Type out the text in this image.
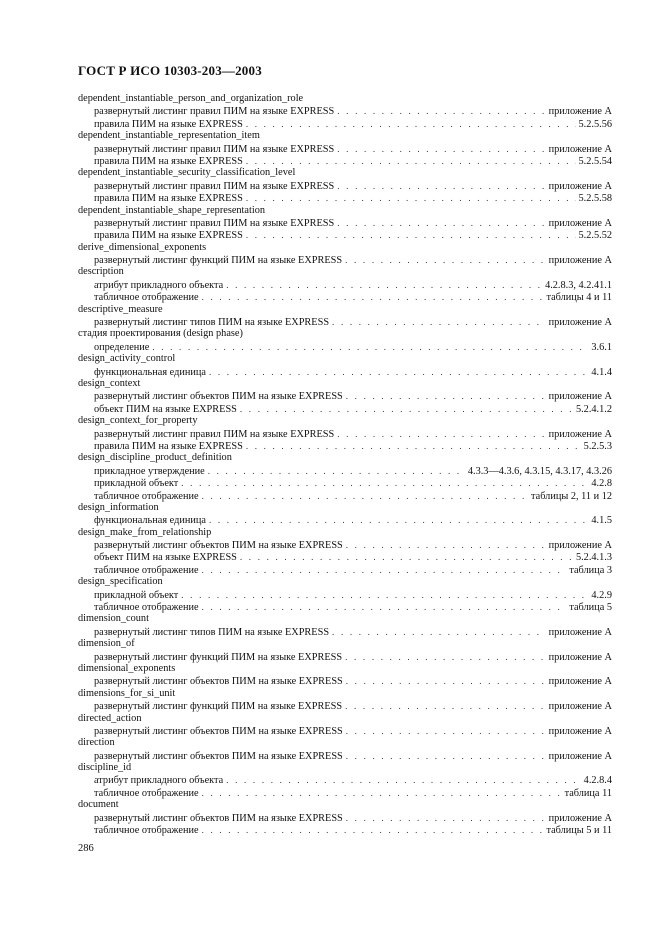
ГОСТ Р ИСО 10303-203—2003
dependent_instantiable_person_and_organization_role
развернутый листинг правил ПИМ на языке EXPRESS . . .	приложение А
правила ПИМ на языке EXPRESS . . .	5.2.5.56
dependent_instantiable_representation_item
развернутый листинг правил ПИМ на языке EXPRESS . . .	приложение А
правила ПИМ на языке EXPRESS . . .	5.2.5.54
dependent_instantiable_security_classification_level
развернутый листинг правил ПИМ на языке EXPRESS . . .	приложение А
правила ПИМ на языке EXPRESS . . .	5.2.5.58
dependent_instantiable_shape_representation
развернутый листинг правил ПИМ на языке EXPRESS . . .	приложение А
правила ПИМ на языке EXPRESS . . .	5.2.5.52
derive_dimensional_exponents
развернутый листинг функций ПИМ на языке EXPRESS . . .	приложение А
description
атрибут прикладного объекта . . .	4.2.8.3, 4.2.41.1
табличное отображение . . .	таблицы 4 и 11
descriptive_measure
развернутый листинг типов ПИМ на языке EXPRESS . . .	приложение А
стадия проектирования (design phase)
определение . . .	3.6.1
design_activity_control
функциональная единица . . .	4.1.4
design_context
развернутый листинг объектов ПИМ на языке EXPRESS . . .	приложение А
объект ПИМ на языке EXPRESS . . .	5.2.4.1.2
design_context_for_property
развернутый листинг правил ПИМ на языке EXPRESS . . .	приложение А
правила ПИМ на языке EXPRESS . . .	5.2.5.3
design_discipline_product_definition
прикладное утверждение . . .	4.3.3—4.3.6, 4.3.15, 4.3.17, 4.3.26
прикладной объект . . .	4.2.8
табличное отображение . . .	таблицы 2, 11 и 12
design_information
функциональная единица . . .	4.1.5
design_make_from_relationship
развернутый листинг объектов ПИМ на языке EXPRESS . . .	приложение А
объект ПИМ на языке EXPRESS . . .	5.2.4.1.3
табличное отображение . . .	таблица 3
design_specification
прикладной объект . . .	4.2.9
табличное отображение . . .	таблица 5
dimension_count
развернутый листинг типов ПИМ на языке EXPRESS . . .	приложение А
dimension_of
развернутый листинг функций ПИМ на языке EXPRESS . . .	приложение А
dimensional_exponents
развернутый листинг объектов ПИМ на языке EXPRESS . . .	приложение А
dimensions_for_si_unit
развернутый листинг функций ПИМ на языке EXPRESS . . .	приложение А
directed_action
развернутый листинг объектов ПИМ на языке EXPRESS . . .	приложение А
direction
развернутый листинг объектов ПИМ на языке EXPRESS . . .	приложение А
discipline_id
атрибут прикладного объекта . . .	4.2.8.4
табличное отображение . . .	таблица 11
document
развернутый листинг объектов ПИМ на языке EXPRESS . . .	приложение А
табличное отображение . . .	таблицы 5 и 11
286
